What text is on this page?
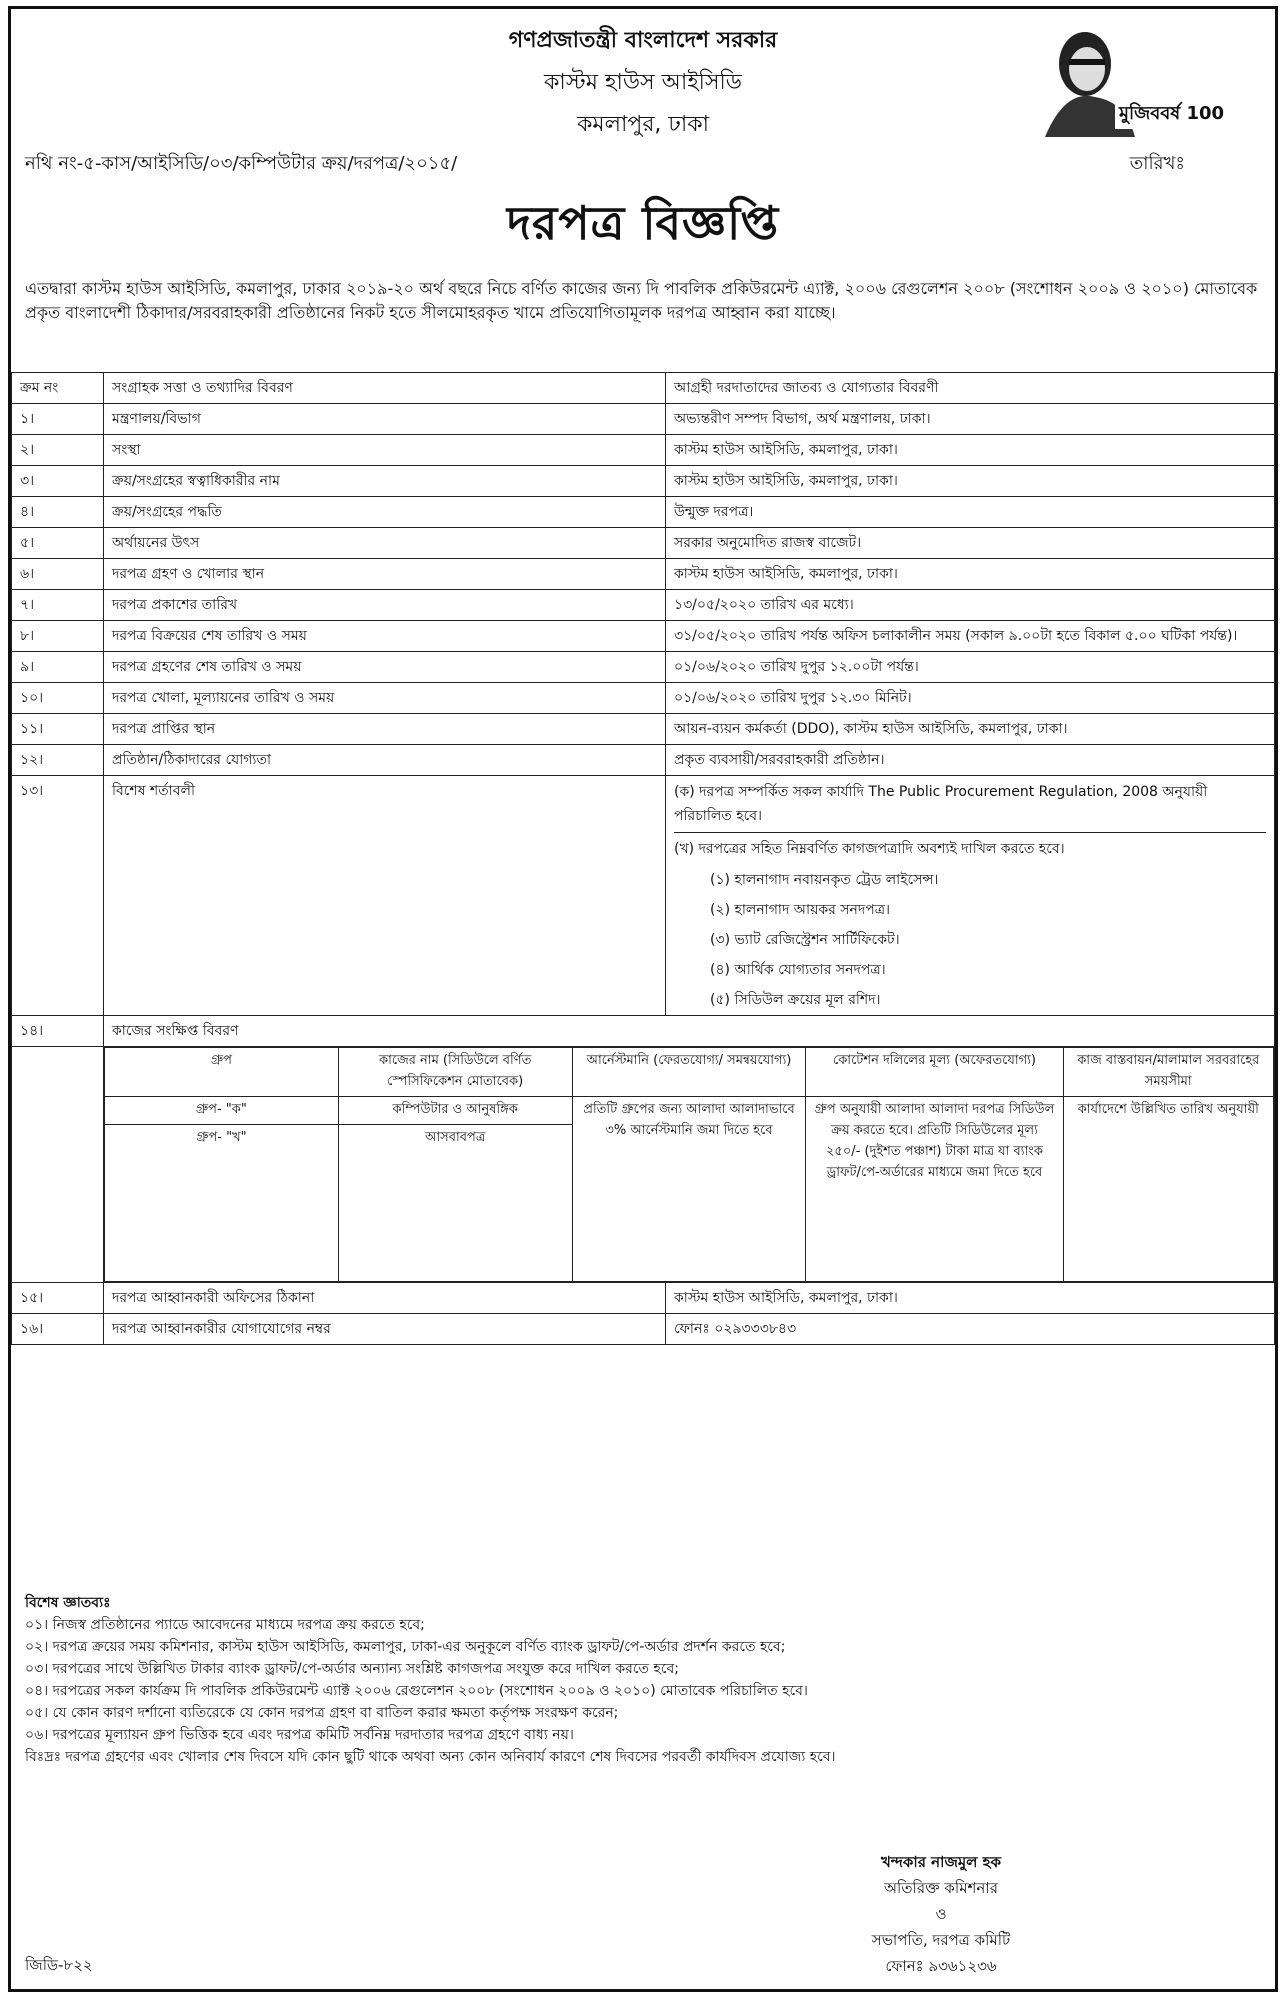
গণপ্রজাতন্ত্রী বাংলাদেশ সরকার
কাস্টম হাউস আইসিডি
কমলাপুর, ঢাকা	মুজিববর্ষ 100
নথি নং-৫-কাস/আইসিডি/০৩/কম্পিউটার ক্রয়/দরপত্র/২০১৫/	তারিখঃ
দরপত্র বিজ্ঞপ্তি
এতদ্বারা কাস্টম হাউস আইসিডি, কমলাপুর, ঢাকার ২০১৯-২০ অর্থ বছরে নিচে বর্ণিত কাজের জন্য দি পাবলিক প্রকিউরমেন্ট এ্যাক্ট, ২০০৬ রেগুলেশন ২০০৮ (সংশোধন ২০০৯ ও ২০১০) মোতাবেক প্রকৃত বাংলাদেশী ঠিকাদার/সরবরাহকারী প্রতিষ্ঠানের নিকট হতে সীলমোহরকৃত খামে প্রতিযোগিতামূলক দরপত্র আহ্বান করা যাচ্ছে।
ক্রম নং	সংগ্রাহক সত্তা ও তথ্যাদির বিবরণ	আগ্রহী দরদাতাদের জাতব্য ও যোগ্যতার বিবরণী
১।	মন্ত্রণালয়/বিভাগ	অভ্যন্তরীণ সম্পদ বিভাগ, অর্থ মন্ত্রণালয়, ঢাকা।
২।	সংস্থা	কাস্টম হাউস আইসিডি, কমলাপুর, ঢাকা।
৩।	ক্রয়/সংগ্রহের স্বত্বাধিকারীর নাম	কাস্টম হাউস আইসিডি, কমলাপুর, ঢাকা।
৪।	ক্রয়/সংগ্রহের পদ্ধতি	উন্মুক্ত দরপত্র।
৫।	অর্থায়নের উৎস	সরকার অনুমোদিত রাজস্ব বাজেট।
৬।	দরপত্র গ্রহণ ও খোলার স্থান	কাস্টম হাউস আইসিডি, কমলাপুর, ঢাকা।
৭।	দরপত্র প্রকাশের তারিখ	১৩/০৫/২০২০ তারিখ এর মধ্যে।
৮।	দরপত্র বিক্রয়ের শেষ তারিখ ও সময়	৩১/০৫/২০২০ তারিখ পর্যন্ত অফিস চলাকালীন সময় (সকাল ৯.০০টা হতে বিকাল ৫.০০ ঘটিকা পর্যন্ত)।
৯।	দরপত্র গ্রহণের শেষ তারিখ ও সময়	০১/০৬/২০২০ তারিখ দুপুর ১২.০০টা পর্যন্ত।
১০।	দরপত্র খোলা, মূল্যায়নের তারিখ ও সময়	০১/০৬/২০২০ তারিখ দুপুর ১২.৩০ মিনিট।
১১।	দরপত্র প্রাপ্তির স্থান	আয়ন-ব্যয়ন কর্মকর্তা (DDO), কাস্টম হাউস আইসিডি, কমলাপুর, ঢাকা।
১২।	প্রতিষ্ঠান/ঠিকাদারের যোগ্যতা	প্রকৃত ব্যবসায়ী/সরবরাহকারী প্রতিষ্ঠান।
১৩।	বিশেষ শর্তাবলী	(ক) দরপত্র সম্পর্কিত সকল কার্যাদি The Public Procurement Regulation, 2008 অনুযায়ী পরিচালিত হবে।
(খ) দরপত্রের সহিত নিম্নবর্ণিত কাগজপত্রাদি অবশ্যই দাখিল করতে হবে।
(১) হালনাগাদ নবায়নকৃত ট্রেড লাইসেন্স।
(২) হালনাগাদ আয়কর সনদপত্র।
(৩) ভ্যাট রেজিস্ট্রেশন সার্টিফিকেট।
(৪) আর্থিক যোগ্যতার সনদপত্র।
(৫) সিডিউল ক্রয়ের মূল রশিদ।

১৪।	কাজের সংক্ষিপ্ত বিবরণ

গ্রুপ	কাজের নাম (সিডিউলে বর্ণিত স্পেসিফিকেশন মোতাবেক)	আর্নেস্টমানি (ফেরতযোগ্য/ সমন্বয়যোগ্য)	কোটেশন দলিলের মূল্য (অফেরতযোগ্য)	কাজ বাস্তবায়ন/মালামাল সরবরাহের সময়সীমা
গ্রুপ- "ক"	কম্পিউটার ও আনুষঙ্গিক	প্রতিটি গ্রুপের জন্য আলাদা আলাদাভাবে ৩% আর্নেস্টমানি জমা দিতে হবে	গ্রুপ অনুযায়ী আলাদা আলাদা দরপত্র সিডিউল ক্রয় করতে হবে। প্রতিটি সিডিউলের মূল্য ২৫০/- (দুইশত পঞ্চাশ) টাকা মাত্র যা ব্যাংক ড্রাফট/পে-অর্ডারের মাধ্যমে জমা দিতে হবে	কার্যাদেশে উল্লিখিত তারিখ অনুযায়ী
গ্রুপ- "খ"	আসবাবপত্র

১৫।	দরপত্র আহ্বানকারী অফিসের ঠিকানা	কাস্টম হাউস আইসিডি, কমলাপুর, ঢাকা।
১৬।	দরপত্র আহ্বানকারীর যোগাযোগের নম্বর	ফোনঃ ০২৯৩৩৩৮৪৩
বিশেষ জ্ঞাতব্যঃ
০১। নিজস্ব প্রতিষ্ঠানের প্যাডে আবেদনের মাধ্যমে দরপত্র ক্রয় করতে হবে;
০২। দরপত্র ক্রয়ের সময় কমিশনার, কাস্টম হাউস আইসিডি, কমলাপুর, ঢাকা-এর অনুকূলে বর্ণিত ব্যাংক ড্রাফট/পে-অর্ডার প্রদর্শন করতে হবে;
০৩। দরপত্রের সাথে উল্লিখিত টাকার ব্যাংক ড্রাফট/পে-অর্ডার অন্যান্য সংশ্লিষ্ট কাগজপত্র সংযুক্ত করে দাখিল করতে হবে;
০৪। দরপত্রের সকল কার্যক্রম দি পাবলিক প্রকিউরমেন্ট এ্যাক্ট ২০০৬ রেগুলেশন ২০০৮ (সংশোধন ২০০৯ ও ২০১০) মোতাবেক পরিচালিত হবে।
০৫। যে কোন কারণ দর্শানো ব্যতিরেকে যে কোন দরপত্র গ্রহণ বা বাতিল করার ক্ষমতা কর্তৃপক্ষ সংরক্ষণ করেন;
০৬। দরপত্রের মূল্যায়ন গ্রুপ ভিত্তিক হবে এবং দরপত্র কমিটি সর্বনিম্ন দরদাতার দরপত্র গ্রহণে বাধ্য নয়।
বিঃদ্রঃ দরপত্র গ্রহণের এবং খোলার শেষ দিবসে যদি কোন ছুটি থাকে অথবা অন্য কোন অনিবার্য কারণে শেষ দিবসের পরবর্তী কার্যদিবস প্রযোজ্য হবে।
খন্দকার নাজমুল হক
অতিরিক্ত কমিশনার
ও
সভাপতি, দরপত্র কমিটি
ফোনঃ ৯৩৬১২৩৬
জিডি-৮২২
